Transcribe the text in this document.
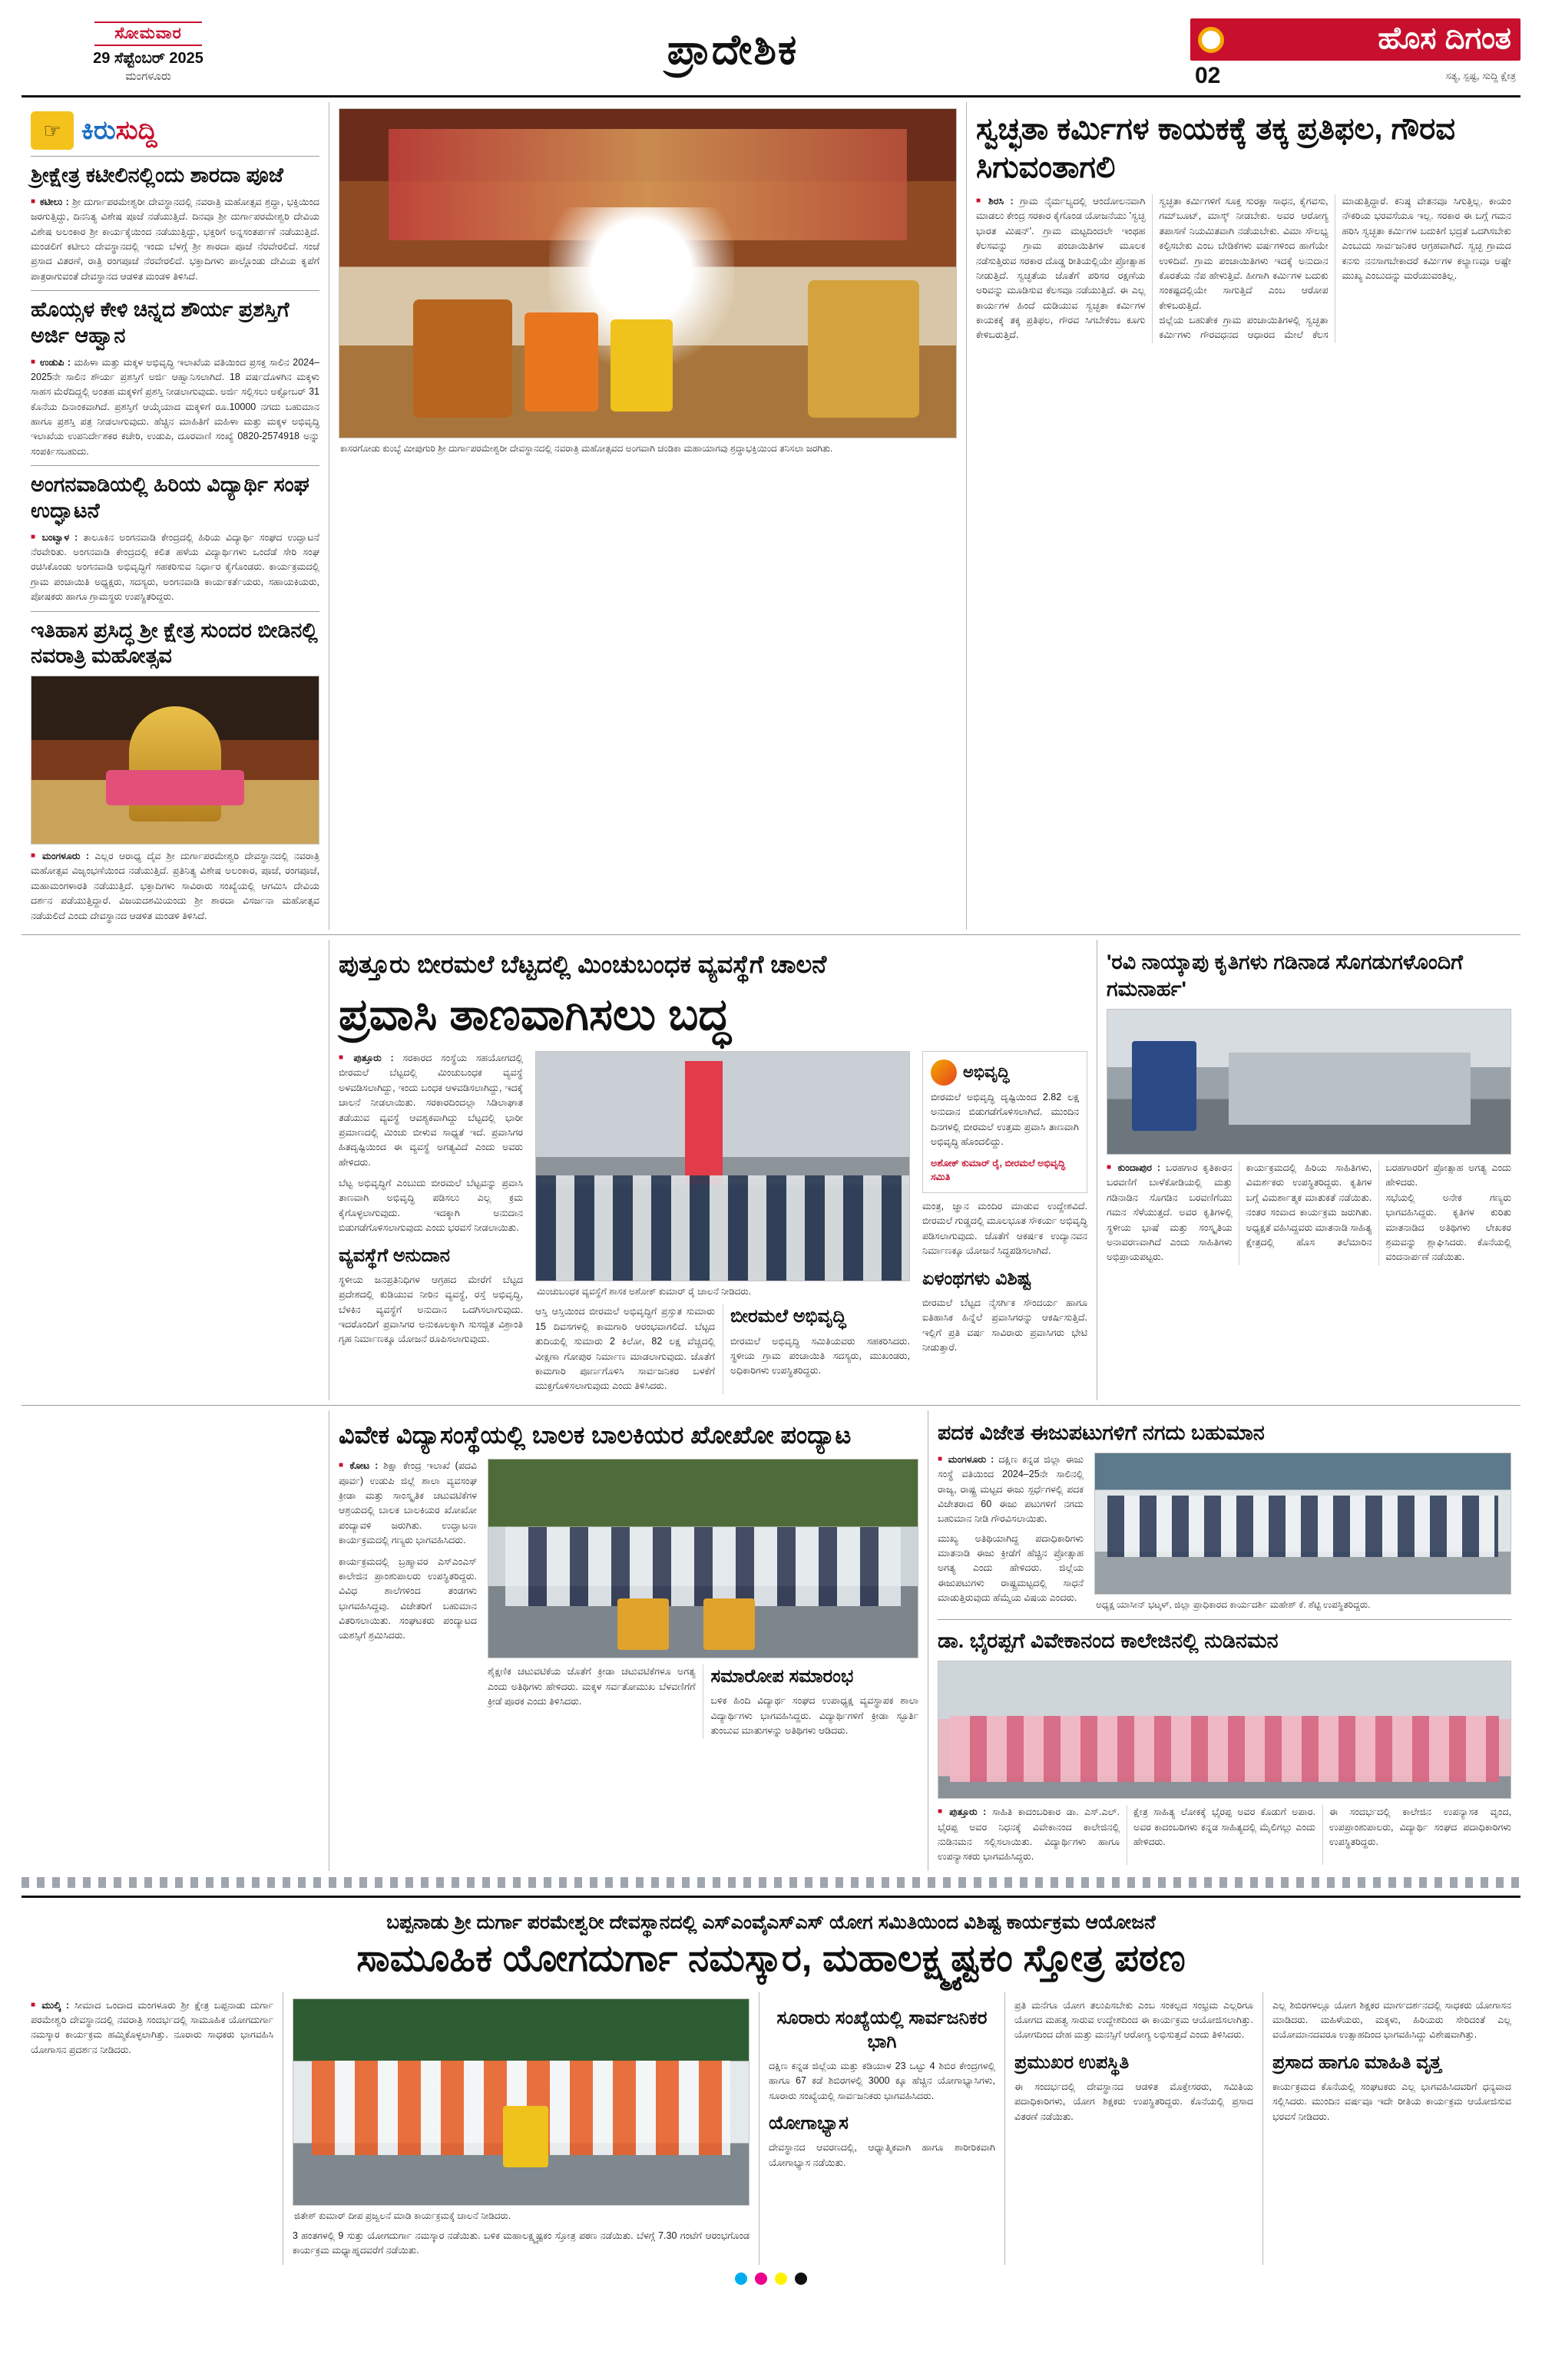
ಸೋಮವಾರ
29 ಸೆಪ್ಟೆಂಬರ್ 2025
ಮಂಗಳೂರು
ಪ್ರಾದೇಶಿಕ	ಹೊಸ ದಿಗಂತ
02	ಸತ್ಯ, ಸ್ಪಷ್ಟ, ಸುದ್ದಿ ಕ್ಷೇತ್ರ
☞ ಕಿರುಸುದ್ದಿ
ಶ್ರೀಕ್ಷೇತ್ರ ಕಟೀಲಿನಲ್ಲಿಂದು ಶಾರದಾ ಪೂಜೆ
■ ಕಟೀಲು : ಶ್ರೀ ದುರ್ಗಾಪರಮೇಶ್ವರೀ ದೇವಸ್ಥಾನದಲ್ಲಿ ನವರಾತ್ರಿ ಮಹೋತ್ಸವ ಶ್ರದ್ಧಾ, ಭಕ್ತಿಯಿಂದ ಜರಗುತ್ತಿದ್ದು, ದಿನನಿತ್ಯ ವಿಶೇಷ ಪೂಜೆ ನಡೆಯುತ್ತಿದೆ. ದಿನವೂ ಶ್ರೀ ದುರ್ಗಾಪರಮೇಶ್ವರಿ ದೇವಿಯ ವಿಶೇಷ ಅಲಂಕಾರ ಶ್ರೀ ಕಾರ್ಯಕ್ಕೆಯಿಂದ ನಡೆಯುತ್ತಿದ್ದು, ಭಕ್ತರಿಗೆ ಅನ್ನಸಂತರ್ಪಣೆ ನಡೆಯುತ್ತಿದೆ. ಮಂಡಲಿಗೆ ಕಟೀಲು ದೇವಸ್ಥಾನದಲ್ಲಿ ಇಂದು ಬೆಳಗ್ಗೆ ಶ್ರೀ ಶಾರದಾ ಪೂಜೆ ನೆರವೇರಲಿದೆ. ಸಂಜೆ ಪ್ರಸಾದ ವಿತರಣೆ, ರಾತ್ರಿ ರಂಗಪೂಜೆ ನೆರವೇರಲಿದೆ. ಭಕ್ತಾದಿಗಳು ಪಾಲ್ಗೊಂಡು ದೇವಿಯ ಕೃಪೆಗೆ ಪಾತ್ರರಾಗುವಂತೆ ದೇವಸ್ಥಾನದ ಆಡಳಿತ ಮಂಡಳಿ ತಿಳಿಸಿದೆ.
ಹೊಯ್ಸಳ ಕೇಳಿ ಚಿನ್ನದ ಶೌರ್ಯ ಪ್ರಶಸ್ತಿಗೆ ಅರ್ಜಿ ಆಹ್ವಾನ
■ ಉಡುಪಿ : ಮಹಿಳಾ ಮತ್ತು ಮಕ್ಕಳ ಅಭಿವೃದ್ಧಿ ಇಲಾಖೆಯ ವತಿಯಿಂದ ಪ್ರಸಕ್ತ ಸಾಲಿನ 2024–2025ನೇ ಸಾಲಿನ ಶೌರ್ಯ ಪ್ರಶಸ್ತಿಗೆ ಅರ್ಜಿ ಆಹ್ವಾನಿಸಲಾಗಿದೆ. 18 ವರ್ಷದೊಳಗಿನ ಮಕ್ಕಳು ಸಾಹಸ ಮೆರೆದಿದ್ದಲ್ಲಿ ಅಂತಹ ಮಕ್ಕಳಿಗೆ ಪ್ರಶಸ್ತಿ ನೀಡಲಾಗುವುದು. ಅರ್ಜಿ ಸಲ್ಲಿಸಲು ಅಕ್ಟೋಬರ್ 31 ಕೊನೆಯ ದಿನಾಂಕವಾಗಿದೆ. ಪ್ರಶಸ್ತಿಗೆ ಆಯ್ಕೆಯಾದ ಮಕ್ಕಳಿಗೆ ರೂ.10000 ನಗದು ಬಹುಮಾನ ಹಾಗೂ ಪ್ರಶಸ್ತಿ ಪತ್ರ ನೀಡಲಾಗುವುದು. ಹೆಚ್ಚಿನ ಮಾಹಿತಿಗೆ ಮಹಿಳಾ ಮತ್ತು ಮಕ್ಕಳ ಅಭಿವೃದ್ಧಿ ಇಲಾಖೆಯ ಉಪನಿರ್ದೇಶಕರ ಕಚೇರಿ, ಉಡುಪಿ, ದೂರವಾಣಿ ಸಂಖ್ಯೆ 0820-2574918 ಅನ್ನು ಸಂಪರ್ಕಿಸಬಹುದು.
ಅಂಗನವಾಡಿಯಲ್ಲಿ ಹಿರಿಯ ವಿದ್ಯಾರ್ಥಿ ಸಂಘ ಉದ್ಘಾಟನೆ
■ ಬಂಟ್ವಾಳ : ತಾಲೂಕಿನ ಅಂಗನವಾಡಿ ಕೇಂದ್ರದಲ್ಲಿ ಹಿರಿಯ ವಿದ್ಯಾರ್ಥಿ ಸಂಘದ ಉದ್ಘಾಟನೆ ನೆರವೇರಿತು. ಅಂಗನವಾಡಿ ಕೇಂದ್ರದಲ್ಲಿ ಕಲಿತ ಹಳೆಯ ವಿದ್ಯಾರ್ಥಿಗಳು ಒಂದೆಡೆ ಸೇರಿ ಸಂಘ ರಚಿಸಿಕೊಂಡು ಅಂಗನವಾಡಿ ಅಭಿವೃದ್ಧಿಗೆ ಸಹಕರಿಸುವ ನಿರ್ಧಾರ ಕೈಗೊಂಡರು. ಕಾರ್ಯಕ್ರಮದಲ್ಲಿ ಗ್ರಾಮ ಪಂಚಾಯಿತಿ ಅಧ್ಯಕ್ಷರು, ಸದಸ್ಯರು, ಅಂಗನವಾಡಿ ಕಾರ್ಯಕರ್ತೆಯರು, ಸಹಾಯಕಿಯರು, ಪೋಷಕರು ಹಾಗೂ ಗ್ರಾಮಸ್ಥರು ಉಪಸ್ಥಿತರಿದ್ದರು.
ಇತಿಹಾಸ ಪ್ರಸಿದ್ಧ ಶ್ರೀ ಕ್ಷೇತ್ರ ಸುಂದರ ಬೀಡಿನಲ್ಲಿ ನವರಾತ್ರಿ ಮಹೋತ್ಸವ
■ ಮಂಗಳೂರು : ಎಲ್ಲರ ಆರಾಧ್ಯ ದೈವ ಶ್ರೀ ದುರ್ಗಾಪರಮೇಶ್ವರಿ ದೇವಸ್ಥಾನದಲ್ಲಿ ನವರಾತ್ರಿ ಮಹೋತ್ಸವ ವಿಜೃಂಭಣೆಯಿಂದ ನಡೆಯುತ್ತಿದೆ. ಪ್ರತಿನಿತ್ಯ ವಿಶೇಷ ಅಲಂಕಾರ, ಪೂಜೆ, ರಂಗಪೂಜೆ, ಮಹಾಮಂಗಳಾರತಿ ನಡೆಯುತ್ತಿದೆ. ಭಕ್ತಾದಿಗಳು ಸಾವಿರಾರು ಸಂಖ್ಯೆಯಲ್ಲಿ ಆಗಮಿಸಿ ದೇವಿಯ ದರ್ಶನ ಪಡೆಯುತ್ತಿದ್ದಾರೆ. ವಿಜಯದಶಮಿಯಂದು ಶ್ರೀ ಶಾರದಾ ವಿಸರ್ಜನಾ ಮಹೋತ್ಸವ ನಡೆಯಲಿದೆ ಎಂದು ದೇವಸ್ಥಾನದ ಆಡಳಿತ ಮಂಡಳಿ ತಿಳಿಸಿದೆ.
ಕಾಸರಗೋಡು ಕುಂಬ್ಳೆ ಮೀಪುಗುರಿ ಶ್ರೀ ದುರ್ಗಾಪರಮೇಶ್ವರೀ ದೇವಸ್ಥಾನದಲ್ಲಿ ನವರಾತ್ರಿ ಮಹೋತ್ಸವದ ಅಂಗವಾಗಿ ಚಂಡಿಕಾ ಮಹಾಯಾಗವು ಶ್ರದ್ಧಾಭಕ್ತಿಯಿಂದ ತನಿಸಲಾ ಜರಗಿತು.
ಸ್ವಚ್ಛತಾ ಕರ್ಮಿಗಳ ಕಾಯಕಕ್ಕೆ ತಕ್ಕ ಪ್ರತಿಫಲ, ಗೌರವ ಸಿಗುವಂತಾಗಲಿ
■ ಶಿರಸಿ : ಗ್ರಾಮ ನೈರ್ಮಲ್ಯದಲ್ಲಿ ಆಂದೋಲನವಾಗಿ ಮಾಡಲು ಕೇಂದ್ರ ಸರಕಾರ ಕೈಗೊಂಡ ಯೋಜನೆಯು 'ಸ್ವಚ್ಛ ಭಾರತ ಮಿಷನ್'. ಗ್ರಾಮ ಮಟ್ಟದಿಂದಲೇ ಇಂಥಹ ಕೆಲಸವನ್ನು ಗ್ರಾಮ ಪಂಚಾಯಿತಿಗಳ ಮೂಲಕ ನಡೆಸುತ್ತಿರುವ ಸರಕಾರ ದೊಡ್ಡ ರೀತಿಯಲ್ಲಿಯೇ ಪ್ರೋತ್ಸಾಹ ನೀಡುತ್ತಿದೆ. ಸ್ವಚ್ಛತೆಯ ಜೊತೆಗೆ ಪರಿಸರ ರಕ್ಷಣೆಯ ಅರಿವನ್ನು ಮೂಡಿಸುವ ಕೆಲಸವೂ ನಡೆಯುತ್ತಿದೆ. ಈ ಎಲ್ಲ ಕಾರ್ಯಗಳ ಹಿಂದೆ ದುಡಿಯುವ ಸ್ವಚ್ಛತಾ ಕರ್ಮಿಗಳ ಕಾಯಕಕ್ಕೆ ತಕ್ಕ ಪ್ರತಿಫಲ, ಗೌರವ ಸಿಗಬೇಕೆಂಬ ಕೂಗು ಕೇಳಿಬರುತ್ತಿದೆ.
ಸ್ವಚ್ಛತಾ ಕರ್ಮಿಗಳಿಗೆ ಸೂಕ್ತ ಸುರಕ್ಷಾ ಸಾಧನ, ಕೈಗವಸು, ಗಮ್‌ಬೂಟ್, ಮಾಸ್ಕ್ ನೀಡಬೇಕು. ಅವರ ಆರೋಗ್ಯ ತಪಾಸಣೆ ನಿಯಮಿತವಾಗಿ ನಡೆಯಬೇಕು. ವಿಮಾ ಸೌಲಭ್ಯ ಕಲ್ಪಿಸಬೇಕು ಎಂಬ ಬೇಡಿಕೆಗಳು ವರ್ಷಗಳಿಂದ ಹಾಗೆಯೇ ಉಳಿದಿವೆ. ಗ್ರಾಮ ಪಂಚಾಯಿತಿಗಳು ಇದಕ್ಕೆ ಅನುದಾನ ಕೊರತೆಯ ನೆಪ ಹೇಳುತ್ತಿವೆ. ಹೀಗಾಗಿ ಕರ್ಮಿಗಳ ಬದುಕು ಸಂಕಷ್ಟದಲ್ಲಿಯೇ ಸಾಗುತ್ತಿದೆ ಎಂಬ ಆರೋಪ ಕೇಳಿಬರುತ್ತಿದೆ.
ಜಿಲ್ಲೆಯ ಬಹುತೇಕ ಗ್ರಾಮ ಪಂಚಾಯಿತಿಗಳಲ್ಲಿ ಸ್ವಚ್ಛತಾ ಕರ್ಮಿಗಳು ಗೌರವಧನದ ಆಧಾರದ ಮೇಲೆ ಕೆಲಸ ಮಾಡುತ್ತಿದ್ದಾರೆ. ಕನಿಷ್ಠ ವೇತನವೂ ಸಿಗುತ್ತಿಲ್ಲ. ಕಾಯಂ ನೌಕರಿಯ ಭರವಸೆಯೂ ಇಲ್ಲ. ಸರಕಾರ ಈ ಬಗ್ಗೆ ಗಮನ ಹರಿಸಿ ಸ್ವಚ್ಛತಾ ಕರ್ಮಿಗಳ ಬದುಕಿಗೆ ಭದ್ರತೆ ಒದಗಿಸಬೇಕು ಎಂಬುದು ಸಾರ್ವಜನಿಕರ ಆಗ್ರಹವಾಗಿದೆ. ಸ್ವಚ್ಛ ಗ್ರಾಮದ ಕನಸು ನನಸಾಗಬೇಕಾದರೆ ಕರ್ಮಿಗಳ ಕಲ್ಯಾಣವೂ ಅಷ್ಟೇ ಮುಖ್ಯ ಎಂಬುದನ್ನು ಮರೆಯುವಂತಿಲ್ಲ.
ಪುತ್ತೂರು ಬೀರಮಲೆ ಬೆಟ್ಟದಲ್ಲಿ ಮಿಂಚುಬಂಧಕ ವ್ಯವಸ್ಥೆಗೆ ಚಾಲನೆ
ಪ್ರವಾಸಿ ತಾಣವಾಗಿಸಲು ಬದ್ಧ
■ ಪುತ್ತೂರು : ಸರಕಾರದ ಸಂಸ್ಥೆಯ ಸಹಯೋಗದಲ್ಲಿ ಬೀರಮಲೆ ಬೆಟ್ಟದಲ್ಲಿ ಮಿಂಚುಬಂಧಕ ವ್ಯವಸ್ಥೆ ಅಳವಡಿಸಲಾಗಿದ್ದು, ಇಂದು ಬಂಧಕ ಆಳವಡಿಸಲಾಗಿದ್ದು, ಇದಕ್ಕೆ ಚಾಲನೆ ನೀಡಲಾಯಿತು. ಸರಕಾರದಿಂದಲ್ಲಾ ಸಿಡಿಲಾಘಾತ ತಡೆಯುವ ವ್ಯವಸ್ಥೆ ಆವಶ್ಯಕವಾಗಿದ್ದು ಬೆಟ್ಟದಲ್ಲಿ ಭಾರೀ ಪ್ರಮಾಣದಲ್ಲಿ ಮಿಂಚು ಬೀಳುವ ಸಾಧ್ಯತೆ ಇದೆ. ಪ್ರವಾಸಿಗರ ಹಿತದೃಷ್ಟಿಯಿಂದ ಈ ವ್ಯವಸ್ಥೆ ಅಗತ್ಯವಿದೆ ಎಂದು ಅವರು ಹೇಳಿದರು.
ಬೆಟ್ಟ ಅಭಿವೃದ್ಧಿಗೆ ಎಂಬುದು ಬೀರಮಲೆ ಬೆಟ್ಟವನ್ನು ಪ್ರವಾಸಿ ತಾಣವಾಗಿ ಅಭಿವೃದ್ಧಿ ಪಡಿಸಲು ಎಲ್ಲ ಕ್ರಮ ಕೈಗೊಳ್ಳಲಾಗುವುದು. ಇದಕ್ಕಾಗಿ ಅನುದಾನ ಬಿಡುಗಡೆಗೊಳಿಸಲಾಗುವುದು ಎಂದು ಭರವಸೆ ನೀಡಲಾಯಿತು.
ವ್ಯವಸ್ಥೆಗೆ ಅನುದಾನ
ಸ್ಥಳೀಯ ಜನಪ್ರತಿನಿಧಿಗಳ ಆಗ್ರಹದ ಮೇರೆಗೆ ಬೆಟ್ಟದ ಪ್ರದೇಶದಲ್ಲಿ ಕುಡಿಯುವ ನೀರಿನ ವ್ಯವಸ್ಥೆ, ರಸ್ತೆ ಅಭಿವೃದ್ಧಿ, ಬೆಳಕಿನ ವ್ಯವಸ್ಥೆಗೆ ಅನುದಾನ ಒದಗಿಸಲಾಗುವುದು. ಇದರೊಂದಿಗೆ ಪ್ರವಾಸಿಗರ ಅನುಕೂಲಕ್ಕಾಗಿ ಸುಸಜ್ಜಿತ ವಿಶ್ರಾಂತಿ ಗೃಹ ನಿರ್ಮಾಣಕ್ಕೂ ಯೋಜನೆ ರೂಪಿಸಲಾಗುವುದು.
ಮಿಂಚುಬಂಧಕ ವ್ಯವಸ್ಥೆಗೆ ಶಾಸಕ ಅಶೋಕ್ ಕುಮಾರ್ ರೈ ಚಾಲನೆ ನೀಡಿದರು.
ಆಸ್ತಿ ಆಸ್ತಿಯಿಂದ ಬೀರಮಲೆ ಅಭಿವೃದ್ಧಿಗೆ ಪ್ರಸ್ತುತ ಸುಮಾರು 15 ದಿವಸಗಳಲ್ಲಿ ಕಾಮಗಾರಿ ಆರಂಭವಾಗಲಿದೆ. ಬೆಟ್ಟದ ತುದಿಯಲ್ಲಿ ಸುಮಾರು 2 ಕಿಲೋ, 82 ಲಕ್ಷ ವೆಚ್ಚದಲ್ಲಿ ವೀಕ್ಷಣಾ ಗೋಪುರ ನಿರ್ಮಾಣ ಮಾಡಲಾಗುವುದು. ಜೊತೆಗೆ ಕಾಮಗಾರಿ ಪೂರ್ಣಗೊಳಿಸಿ ಸಾರ್ವಜನಿಕರ ಬಳಕೆಗೆ ಮುಕ್ತಗೊಳಿಸಲಾಗುವುದು ಎಂದು ತಿಳಿಸಿದರು.
ಬೀರಮಲೆ ಅಭಿವೃದ್ಧಿ
ಬೀರಮಲೆ ಅಭಿವೃದ್ಧಿ ಸಮಿತಿಯವರು ಸಹಕರಿಸಿದರು. ಸ್ಥಳೀಯ ಗ್ರಾಮ ಪಂಚಾಯಿತಿ ಸದಸ್ಯರು, ಮುಖಂಡರು, ಅಧಿಕಾರಿಗಳು ಉಪಸ್ಥಿತರಿದ್ದರು.
ಅಭಿವೃದ್ಧಿ
ಬೀರಮಲೆ ಅಭಿವೃದ್ಧಿ ದೃಷ್ಟಿಯಿಂದ 2.82 ಲಕ್ಷ ಅನುದಾನ ಬಿಡುಗಡೆಗೊಳಿಸಲಾಗಿದೆ. ಮುಂದಿನ ದಿನಗಳಲ್ಲಿ ಬೀರಮಲೆ ಉತ್ತಮ ಪ್ರವಾಸಿ ತಾಣವಾಗಿ ಅಭಿವೃದ್ಧಿ ಹೊಂದಲಿದ್ದು.
ಅಶೋಕ್‌ ಕುಮಾರ್ ರೈ, ಬೀರಮಲೆ ಅಭಿವೃದ್ಧಿ ಸಮಿತಿ
ಮಂತ್ರ, ಜ್ಞಾನ ಮಂದಿರ ಮಾಡುವ ಉದ್ದೇಶವಿದೆ. ಬೀರಮಲೆ ಗುಡ್ಡದಲ್ಲಿ ಮೂಲಭೂತ ಸೌಕರ್ಯ ಅಭಿವೃದ್ಧಿ ಪಡಿಸಲಾಗುವುದು. ಜೊತೆಗೆ ಆಕರ್ಷಕ ಉದ್ಯಾನವನ ನಿರ್ಮಾಣಕ್ಕೂ ಯೋಜನೆ ಸಿದ್ಧಪಡಿಸಲಾಗಿದೆ.
ಏಳಂಥಗಳು ವಿಶಿಷ್ಟ
ಬೀರಮಲೆ ಬೆಟ್ಟದ ನೈಸರ್ಗಿಕ ಸೌಂದರ್ಯ ಹಾಗೂ ಐತಿಹಾಸಿಕ ಹಿನ್ನೆಲೆ ಪ್ರವಾಸಿಗರನ್ನು ಆಕರ್ಷಿಸುತ್ತಿದೆ. ಇಲ್ಲಿಗೆ ಪ್ರತಿ ವರ್ಷ ಸಾವಿರಾರು ಪ್ರವಾಸಿಗರು ಭೇಟಿ ನೀಡುತ್ತಾರೆ.
'ರವಿ ನಾಯ್ಕಾಪು ಕೃತಿಗಳು ಗಡಿನಾಡ ಸೊಗಡುಗಳೊಂದಿಗೆ ಗಮನಾರ್ಹ'
■ ಕುಂದಾಪುರ : ಬರಹಗಾರ ಕೃತಿಕಾರನ ಬರವಣಿಗೆ ಬಾಳೆಕೋಡಿಯಲ್ಲಿ ಮತ್ತು ಗಡಿನಾಡಿನ ಸೊಗಡಿನ ಬರವಣಿಗೆಯು ಗಮನ ಸೆಳೆಯುತ್ತದೆ. ಅವರ ಕೃತಿಗಳಲ್ಲಿ ಸ್ಥಳೀಯ ಭಾಷೆ ಮತ್ತು ಸಂಸ್ಕೃತಿಯ ಅನಾವರಣವಾಗಿದೆ ಎಂದು ಸಾಹಿತಿಗಳು ಅಭಿಪ್ರಾಯಪಟ್ಟರು.
ಕಾರ್ಯಕ್ರಮದಲ್ಲಿ ಹಿರಿಯ ಸಾಹಿತಿಗಳು, ವಿಮರ್ಶಕರು ಉಪಸ್ಥಿತರಿದ್ದರು. ಕೃತಿಗಳ ಬಗ್ಗೆ ವಿಮರ್ಶಾತ್ಮಕ ಮಾತುಕತೆ ನಡೆಯಿತು. ನಂತರ ಸಂವಾದ ಕಾರ್ಯಕ್ರಮ ಜರುಗಿತು. ಅಧ್ಯಕ್ಷತೆ ವಹಿಸಿದ್ದವರು ಮಾತನಾಡಿ ಸಾಹಿತ್ಯ ಕ್ಷೇತ್ರದಲ್ಲಿ ಹೊಸ ತಲೆಮಾರಿನ ಬರಹಗಾರರಿಗೆ ಪ್ರೋತ್ಸಾಹ ಅಗತ್ಯ ಎಂದು ಹೇಳಿದರು.
ಸಭೆಯಲ್ಲಿ ಅನೇಕ ಗಣ್ಯರು ಭಾಗವಹಿಸಿದ್ದರು. ಕೃತಿಗಳ ಕುರಿತು ಮಾತನಾಡಿದ ಅತಿಥಿಗಳು ಲೇಖಕರ ಶ್ರಮವನ್ನು ಶ್ಲಾಘಿಸಿದರು. ಕೊನೆಯಲ್ಲಿ ವಂದನಾರ್ಪಣೆ ನಡೆಯಿತು.
ವಿವೇಕ ವಿದ್ಯಾಸಂಸ್ಥೆಯಲ್ಲಿ ಬಾಲಕ ಬಾಲಕಿಯರ ಖೋಖೋ ಪಂದ್ಯಾಟ
■ ಕೋಟ : ಶಿಕ್ಷಾ ಕೇಂದ್ರ ಇಲಾಖೆ (ಪದವಿ ಪೂರ್ವ) ಉಡುಪಿ ಜಿಲ್ಲೆ ಶಾಲಾ ವ್ಯವಸಂಘ ಕ್ರೀಡಾ ಮತ್ತು ಸಾಂಸ್ಕೃತಿಕ ಚಟುವಟಿಕೆಗಳ ಆಶ್ರಯದಲ್ಲಿ ಬಾಲಕ ಬಾಲಕಿಯರ ಖೋಖೋ ಪಂದ್ಯಾವಳಿ ಜರುಗಿತು. ಉದ್ಘಾಟನಾ ಕಾರ್ಯಕ್ರಮದಲ್ಲಿ ಗಣ್ಯರು ಭಾಗವಹಿಸಿದರು.
ಕಾರ್ಯಕ್ರಮದಲ್ಲಿ ಬ್ರಹ್ಮಾವರ ಎಸ್‌ಎಂಎಸ್‌ ಕಾಲೇಜಿನ ಪ್ರಾಂಶುಪಾಲರು ಉಪಸ್ಥಿತರಿದ್ದರು. ವಿವಿಧ ಶಾಲೆಗಳಿಂದ ತಂಡಗಳು ಭಾಗವಹಿಸಿದ್ದವು. ವಿಜೇತರಿಗೆ ಬಹುಮಾನ ವಿತರಿಸಲಾಯಿತು. ಸಂಘಟಕರು ಪಂದ್ಯಾಟದ ಯಶಸ್ಸಿಗೆ ಶ್ರಮಿಸಿದರು.
ಶೈಕ್ಷಣಿಕ ಚಟುವಟಿಕೆಯ ಜೊತೆಗೆ ಕ್ರೀಡಾ ಚಟುವಟಿಕೆಗಳೂ ಅಗತ್ಯ ಎಂದು ಅತಿಥಿಗಳು ಹೇಳಿದರು. ಮಕ್ಕಳ ಸರ್ವತೋಮುಖ ಬೆಳವಣಿಗೆಗೆ ಕ್ರೀಡೆ ಪೂರಕ ಎಂದು ತಿಳಿಸಿದರು.
ಸಮಾರೋಪ ಸಮಾರಂಭ
ಬಳಿಕ ಹಿಂದಿ ವಿದ್ಯಾರ್ಥ ಸಂಘದ ಉಪಾಧ್ಯಕ್ಷ ವ್ಯವಸ್ಥಾಪಕ ಶಾಲಾ ವಿದ್ಯಾರ್ಥಿಗಳು ಭಾಗವಹಿಸಿದ್ದರು. ವಿದ್ಯಾರ್ಥಿಗಳಿಗೆ ಕ್ರೀಡಾ ಸ್ಫೂರ್ತಿ ತುಂಬುವ ಮಾತುಗಳನ್ನು ಅತಿಥಿಗಳು ಆಡಿದರು.
ಪದಕ ವಿಜೇತ ಈಜುಪಟುಗಳಿಗೆ ನಗದು ಬಹುಮಾನ
■ ಮಂಗಳೂರು : ದಕ್ಷಿಣ ಕನ್ನಡ ಜಿಲ್ಲಾ ಈಜು ಸಂಸ್ಥೆ ವತಿಯಿಂದ 2024–25ನೇ ಸಾಲಿನಲ್ಲಿ ರಾಜ್ಯ, ರಾಷ್ಟ್ರ ಮಟ್ಟದ ಈಜು ಸ್ಪರ್ಧೆಗಳಲ್ಲಿ ಪದಕ ವಿಜೇತರಾದ 60 ಈಜು ಪಟುಗಳಿಗೆ ನಗದು ಬಹುಮಾನ ನೀಡಿ ಗೌರವಿಸಲಾಯಿತು.
ಮುಖ್ಯ ಅತಿಥಿಯಾಗಿದ್ದ ಪದಾಧಿಕಾರಿಗಳು ಮಾತನಾಡಿ ಈಜು ಕ್ರೀಡೆಗೆ ಹೆಚ್ಚಿನ ಪ್ರೋತ್ಸಾಹ ಅಗತ್ಯ ಎಂದು ಹೇಳಿದರು. ಜಿಲ್ಲೆಯ ಈಜುಪಟುಗಳು ರಾಷ್ಟ್ರಮಟ್ಟದಲ್ಲಿ ಸಾಧನೆ ಮಾಡುತ್ತಿರುವುದು ಹೆಮ್ಮೆಯ ವಿಷಯ ಎಂದರು.
ಅಧ್ಯಕ್ಷ ಯಾಸೀನ್ ಭಟ್ಕಳ್, ಜಿಲ್ಲಾ ಪ್ರಾಧಿಕಾರದ ಕಾರ್ಯದರ್ಶಿ ಮಹೇಶ್ ಕೆ. ಶೆಟ್ಟಿ ಉಪಸ್ಥಿತರಿದ್ದರು.
ಡಾ. ಭೈರಪ್ಪಗೆ ವಿವೇಕಾನಂದ ಕಾಲೇಜಿನಲ್ಲಿ ನುಡಿನಮನ
■ ಪುತ್ತೂರು : ಸಾಹಿತಿ ಕಾದಂಬರಿಕಾರ ಡಾ. ಎಸ್.ಎಲ್. ಭೈರಪ್ಪ ಅವರ ನಿಧನಕ್ಕೆ ವಿವೇಕಾನಂದ ಕಾಲೇಜಿನಲ್ಲಿ ನುಡಿನಮನ ಸಲ್ಲಿಸಲಾಯಿತು. ವಿದ್ಯಾರ್ಥಿಗಳು ಹಾಗೂ ಉಪನ್ಯಾಸಕರು ಭಾಗವಹಿಸಿದ್ದರು.
ಕ್ಷೇತ್ರ ಸಾಹಿತ್ಯ ಲೋಕಕ್ಕೆ ಭೈರಪ್ಪ ಅವರ ಕೊಡುಗೆ ಅಪಾರ. ಅವರ ಕಾದಂಬರಿಗಳು ಕನ್ನಡ ಸಾಹಿತ್ಯದಲ್ಲಿ ಮೈಲಿಗಲ್ಲು ಎಂದು ಹೇಳಿದರು.
ಈ ಸಂದರ್ಭದಲ್ಲಿ ಕಾಲೇಜಿನ ಉಪನ್ಯಾಸಕ ವೃಂದ, ಉಪಪ್ರಾಂಶುಪಾಲರು, ವಿದ್ಯಾರ್ಥಿ ಸಂಘದ ಪದಾಧಿಕಾರಿಗಳು ಉಪಸ್ಥಿತರಿದ್ದರು.
ಬಪ್ಪನಾಡು ಶ್ರೀ ದುರ್ಗಾ ಪರಮೇಶ್ವರೀ ದೇವಸ್ಥಾನದಲ್ಲಿ ಎಸ್‌ಎಂವೈಎಸ್‌ಎಸ್ ಯೋಗ ಸಮಿತಿಯಿಂದ ವಿಶಿಷ್ಟ ಕಾರ್ಯಕ್ರಮ ಆಯೋಜನೆ
ಸಾಮೂಹಿಕ ಯೋಗದುರ್ಗಾ ನಮಸ್ಕಾರ, ಮಹಾಲಕ್ಷ್ಮ್ಯಷ್ಟಕಂ ಸ್ತೋತ್ರ ಪಠಣ
■ ಮುಲ್ಕಿ : ಸೀಮಾದ ಒಂದಾದ ಮಂಗಳೂರು ಶ್ರೀ ಕ್ಷೇತ್ರ ಬಪ್ಪನಾಡು ದುರ್ಗಾ ಪರಮೇಶ್ವರಿ ದೇವಸ್ಥಾನದಲ್ಲಿ ನವರಾತ್ರಿ ಸಂದರ್ಭದಲ್ಲಿ ಸಾಮೂಹಿಕ ಯೋಗದುರ್ಗಾ ನಮಸ್ಕಾರ ಕಾರ್ಯಕ್ರಮ ಹಮ್ಮಿಕೊಳ್ಳಲಾಗಿತ್ತು. ನೂರಾರು ಸಾಧಕರು ಭಾಗವಹಿಸಿ ಯೋಗಾಸನ ಪ್ರದರ್ಶನ ನೀಡಿದರು.
ಜಿತೇಶ್ ಕುಮಾರ್ ದೀಪ ಪ್ರಜ್ವಲನೆ ಮಾಡಿ ಕಾರ್ಯಕ್ರಮಕ್ಕೆ ಚಾಲನೆ ನೀಡಿದರು.
3 ಹಂತಗಳಲ್ಲಿ 9 ಸುತ್ತು ಯೋಗದುರ್ಗಾ ನಮಸ್ಕಾರ ನಡೆಯಿತು. ಬಳಿಕ ಮಹಾಲಕ್ಷ್ಮ್ಯಷ್ಟಕಂ ಸ್ತೋತ್ರ ಪಠಣ ನಡೆಯಿತು. ಬೆಳಗ್ಗೆ 7.30 ಗಂಟೆಗೆ ಆರಂಭಗೊಂಡ ಕಾರ್ಯಕ್ರಮ ಮಧ್ಯಾಹ್ನದವರೆಗೆ ನಡೆಯಿತು.
ಸೂರಾರು ಸಂಖ್ಯೆಯಲ್ಲಿ ಸಾರ್ವಜನಿಕರ ಭಾಗಿ
ದಕ್ಷಿಣ ಕನ್ನಡ ಜಿಲ್ಲೆಯ ಮತ್ತು ಕಡಿಯಾಳ 23 ಒಟ್ಟು 4 ಶಿಬಿರ ಕೇಂದ್ರಗಳಲ್ಲಿ ಹಾಗೂ 67 ಕಡೆ ಶಿಬಿರಗಳಲ್ಲಿ 3000 ಕ್ಕೂ ಹೆಚ್ಚಿನ ಯೋಗಾಭ್ಯಾಸಿಗಳು, ಸೂರಾರು ಸಂಖ್ಯೆಯಲ್ಲಿ ಸಾರ್ವಜನಿಕರು ಭಾಗವಹಿಸಿದರು.
ಯೋಗಾಭ್ಯಾಸ
ದೇವಸ್ಥಾನದ ಆವರಣದಲ್ಲಿ, ಆಧ್ಯಾತ್ಮಿಕವಾಗಿ ಹಾಗೂ ಶಾರೀರಿಕವಾಗಿ ಯೋಗಾಭ್ಯಾಸ ನಡೆಯಿತು.
ಪ್ರತಿ ಮನೆಗೂ ಯೋಗ ತಲುಪಿಸಬೇಕು ಎಂಬ ಸಂಕಲ್ಪದ ಸಂಭ್ರಮ ಎಲ್ಲರಿಗೂ ಯೋಗದ ಮಹತ್ವ ಸಾರುವ ಉದ್ದೇಶದಿಂದ ಈ ಕಾರ್ಯಕ್ರಮ ಆಯೋಜಿಸಲಾಗಿತ್ತು. ಯೋಗದಿಂದ ದೇಹ ಮತ್ತು ಮನಸ್ಸಿಗೆ ಆರೋಗ್ಯ ಲಭಿಸುತ್ತದೆ ಎಂದು ತಿಳಿಸಿದರು.
ಪ್ರಮುಖರ ಉಪಸ್ಥಿತಿ
ಈ ಸಂದರ್ಭದಲ್ಲಿ ದೇವಸ್ಥಾನದ ಆಡಳಿತ ಮೊಕ್ತೇಸರರು, ಸಮಿತಿಯ ಪದಾಧಿಕಾರಿಗಳು, ಯೋಗ ಶಿಕ್ಷಕರು ಉಪಸ್ಥಿತರಿದ್ದರು. ಕೊನೆಯಲ್ಲಿ ಪ್ರಸಾದ ವಿತರಣೆ ನಡೆಯಿತು.
ಎಲ್ಲ ಶಿಬಿರಗಳಲ್ಲೂ ಯೋಗ ಶಿಕ್ಷಕರ ಮಾರ್ಗದರ್ಶನದಲ್ಲಿ ಸಾಧಕರು ಯೋಗಾಸನ ಮಾಡಿದರು. ಮಹಿಳೆಯರು, ಮಕ್ಕಳು, ಹಿರಿಯರು ಸೇರಿದಂತೆ ಎಲ್ಲ ವಯೋಮಾನದವರೂ ಉತ್ಸಾಹದಿಂದ ಭಾಗವಹಿಸಿದ್ದು ವಿಶೇಷವಾಗಿತ್ತು.
ಪ್ರಸಾದ ಹಾಗೂ ಮಾಹಿತಿ ವೃತ್ತ
ಕಾರ್ಯಕ್ರಮದ ಕೊನೆಯಲ್ಲಿ ಸಂಘಟಕರು ಎಲ್ಲ ಭಾಗವಹಿಸಿದವರಿಗೆ ಧನ್ಯವಾದ ಸಲ್ಲಿಸಿದರು. ಮುಂದಿನ ವರ್ಷವೂ ಇದೇ ರೀತಿಯ ಕಾರ್ಯಕ್ರಮ ಆಯೋಜಿಸುವ ಭರವಸೆ ನೀಡಿದರು.
